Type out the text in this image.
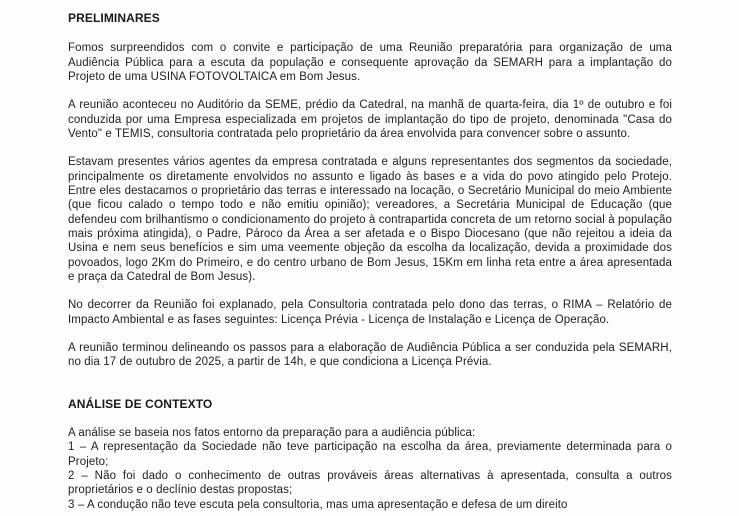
PRELIMINARES

Fomos surpreendidos com o convite e participação de uma Reunião preparatória para organização de uma Audiência Pública para a escuta da população e consequente aprovação da SEMARH para a implantação do Projeto de uma USINA FOTOVOLTAICA em Bom Jesus.

A reunião aconteceu no Auditório da SEME, prédio da Catedral, na manhã de quarta-feira, dia 1º de outubro e foi conduzida por uma Empresa especializada em projetos de implantação do tipo de projeto, denominada "Casa do Vento" e TEMIS, consultoria contratada pelo proprietário da área envolvida para convencer sobre o assunto.

Estavam presentes vários agentes da empresa contratada e alguns representantes dos segmentos da sociedade, principalmente os diretamente envolvidos no assunto e ligado às bases e a vida do povo atingido pelo Protejo. Entre eles destacamos o proprietário das terras e interessado na locação, o Secretário Municipal do meio Ambiente (que ficou calado o tempo todo e não emitiu opinião); vereadores, a Secretária Municipal de Educação (que defendeu com brilhantismo o condicionamento do projeto à contrapartida concreta de um retorno social à população mais próxima atingida), o Padre, Pároco da Área a ser afetada e o Bispo Diocesano (que não rejeitou a ideia da Usina e nem seus benefícios e sim uma veemente objeção da escolha da localização, devida a proximidade dos povoados, logo 2Km do Primeiro, e do centro urbano de Bom Jesus, 15Km em linha reta entre a área apresentada e praça da Catedral de Bom Jesus).

No decorrer da Reunião foi explanado, pela Consultoria contratada pelo dono das terras, o RIMA – Relatório de Impacto Ambiental e as fases seguintes: Licença Prévia - Licença de Instalação e Licença de Operação.

A reunião terminou delineando os passos para a elaboração de Audiência Pública a ser conduzida pela SEMARH, no dia 17 de outubro de 2025, a partir de 14h, e que condiciona a Licença Prévia.

ANÁLISE DE CONTEXTO
A análise se baseia nos fatos entorno da preparação para a audiência pública:
1 – A representação da Sociedade não teve participação na escolha da área, previamente determinada para o Projeto;
2 – Não foi dado o conhecimento de outras prováveis áreas alternativas à apresentada, consulta a outros proprietários e o declínio destas propostas;
3 – A condução não teve escuta pela consultoria, mas uma apresentação e defesa de um direito
